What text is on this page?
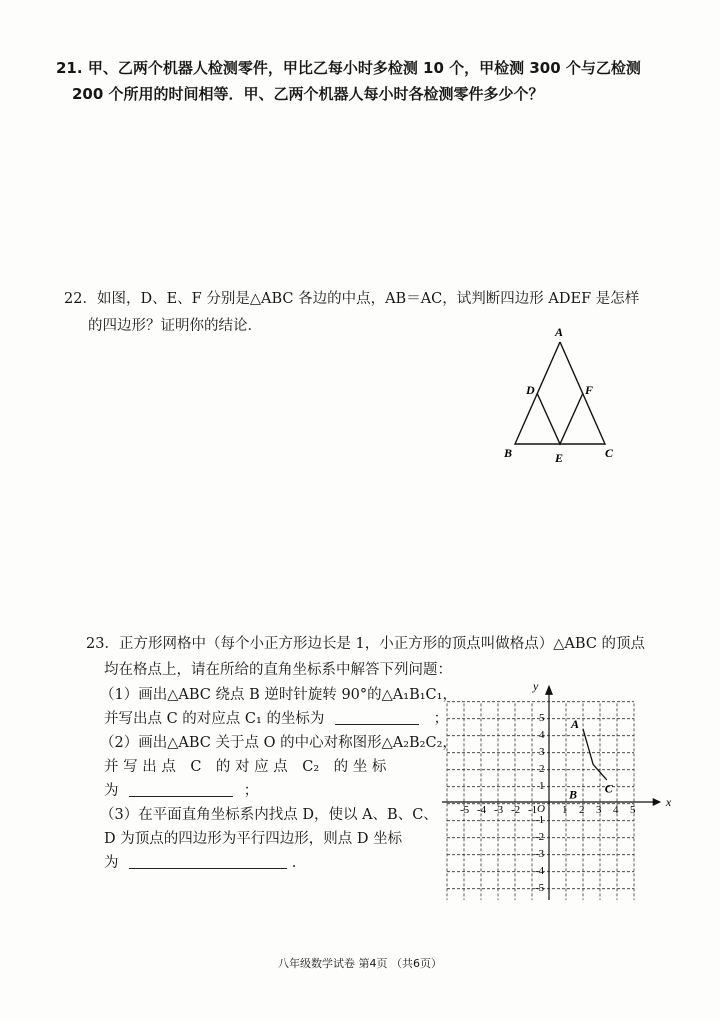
21. 甲、乙两个机器人检测零件，甲比乙每小时多检测 10 个，甲检测 300 个与乙检测
200 个所用的时间相等．甲、乙两个机器人每小时各检测零件多少个？
22．如图，D、E、F 分别是△ABC 各边的中点，AB＝AC，试判断四边形 ADEF 是怎样
的四边形？证明你的结论．	A
B	C
D
E
F
23．正方形网格中（每个小正方形边长是 1，小正方形的顶点叫做格点）△ABC 的顶点
均在格点上，请在所给的直角坐标系中解答下列问题：
（1）画出△ABC 绕点 B 逆时针旋转 90°的△A₁B₁C₁，
并写出点 C 的对应点 C₁ 的坐标为	；
（2）画出△ABC 关于点 O 的中心对称图形△A₂B₂C₂，
并 写 出 点　C　的 对 应 点　C₂　的 坐 标
为	；
（3）在平面直角坐标系内找点 D，使以 A、B、C、
D 为顶点的四边形为平行四边形，则点 D 坐标
为	.
-5 -4 -3 -2 -1 1 2 3 4 5
5
4
3
2
1
-1
-2
-3
-4
-5
A
B C
x
y
O
八年级数学试卷 第4页 （共6页）
